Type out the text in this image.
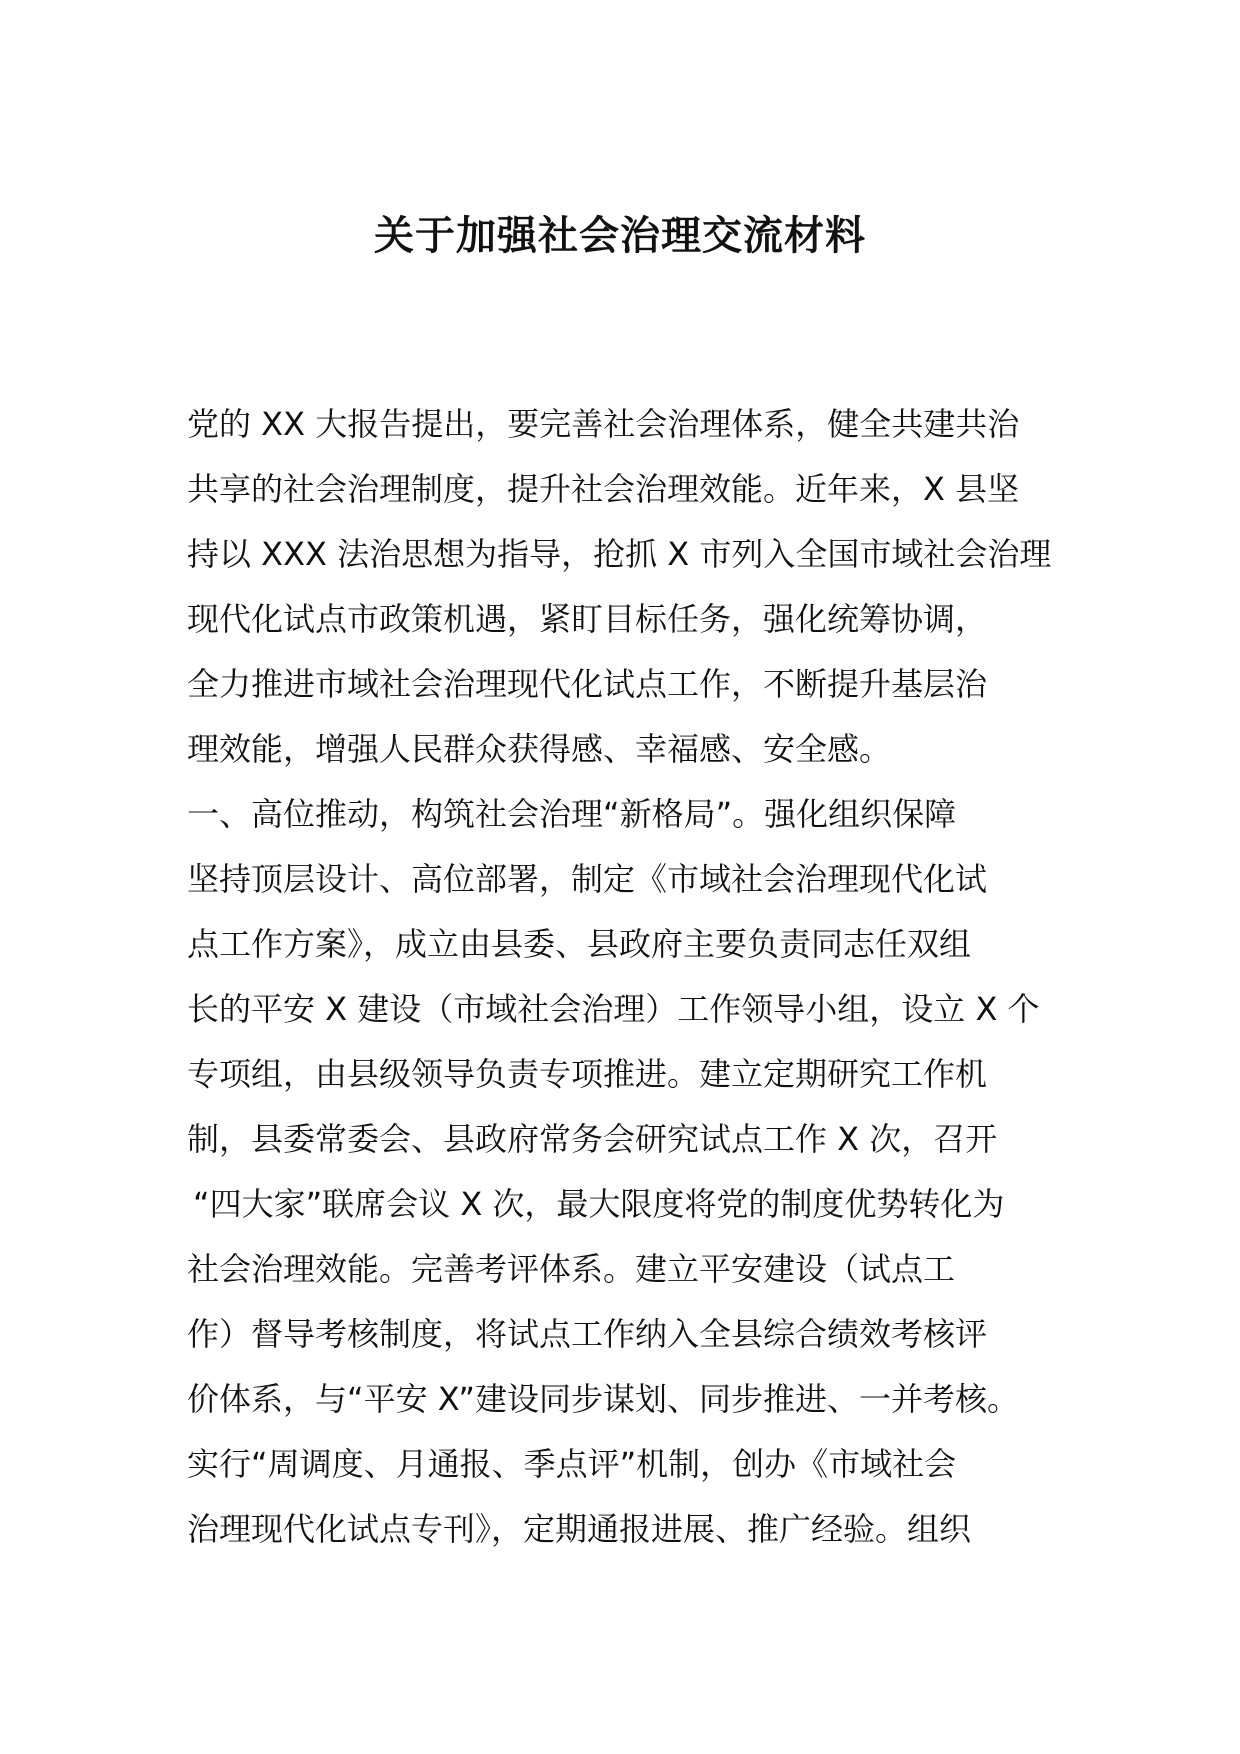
关于加强社会治理交流材料
党的 XX 大报告提出，要完善社会治理体系，健全共建共治
共享的社会治理制度，提升社会治理效能。近年来，X 县坚
持以 XXX 法治思想为指导，抢抓 X 市列入全国市域社会治理
现代化试点市政策机遇，紧盯目标任务，强化统筹协调，
全力推进市域社会治理现代化试点工作，不断提升基层治
理效能，增强人民群众获得感、幸福感、安全感。
一、高位推动，构筑社会治理“新格局”。强化组织保障
坚持顶层设计、高位部署，制定《市域社会治理现代化试
点工作方案》，成立由县委、县政府主要负责同志任双组
长的平安 X 建设（市域社会治理）工作领导小组，设立 X 个
专项组，由县级领导负责专项推进。建立定期研究工作机
制，县委常委会、县政府常务会研究试点工作 X 次，召开
“四大家”联席会议 X 次，最大限度将党的制度优势转化为
社会治理效能。完善考评体系。建立平安建设（试点工
作）督导考核制度，将试点工作纳入全县综合绩效考核评
价体系，与“平安 X”建设同步谋划、同步推进、一并考核。
实行“周调度、月通报、季点评”机制，创办《市域社会
治理现代化试点专刊》，定期通报进展、推广经验。组织
